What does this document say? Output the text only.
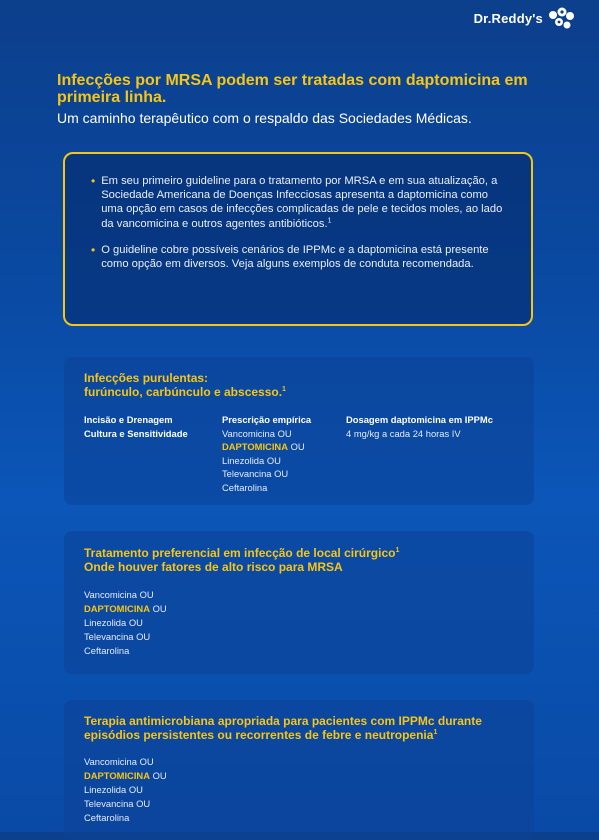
Dr.Reddy's
Infecções por MRSA podem ser tratadas com daptomicina em primeira linha.

Um caminho terapêutico com o respaldo das Sociedades Médicas.

• Em seu primeiro guideline para o tratamento por MRSA e em sua atualização, a Sociedade Americana de Doenças Infecciosas apresenta a daptomicina como uma opção em casos de infecções complicadas de pele e tecidos moles, ao lado da vancomicina e outros agentes antibióticos.$^1$
• O guideline cobre possíveis cenários de IPPMc e a daptomicina está presente como opção em diversos. Veja alguns exemplos de conduta recomendada.
Infecções purulentas:
furúnculo, carbúnculo e abscesso.$^1$
Incisão e Drenagem
Cultura e Sensitividade
Prescrição empírica
Vancomicina OU
DAPTOMICINA OU
Linezolida OU
Televancina OU
Ceftarolina
Dosagem daptomicina em IPPMc
4 mg/kg a cada 24 horas IV
Tratamento preferencial em infecção de local cirúrgico$^1$
Onde houver fatores de alto risco para MRSA
Vancomicina OU
DAPTOMICINA OU
Linezolida OU
Televancina OU
Ceftarolina
Terapia antimicrobiana apropriada para pacientes com IPPMc durante
episódios persistentes ou recorrentes de febre e neutropenia$^1$
Vancomicina OU
DAPTOMICINA OU
Linezolida OU
Televancina OU
Ceftarolina
